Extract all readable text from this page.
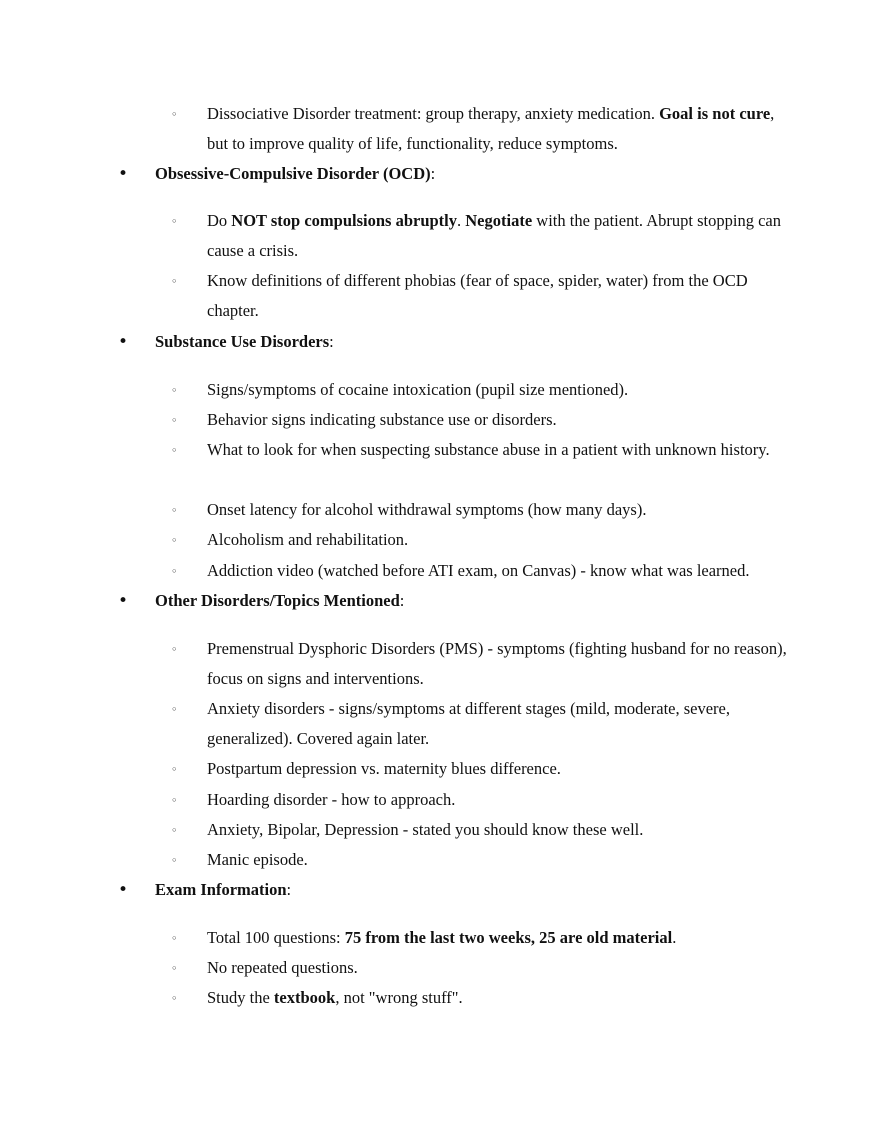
◦ Dissociative Disorder treatment: group therapy, anxiety medication. Goal is not cure, but to improve quality of life, functionality, reduce symptoms.

• Obsessive-Compulsive Disorder (OCD):

◦ Do NOT stop compulsions abruptly. Negotiate with the patient. Abrupt stopping can cause a crisis.

◦ Know definitions of different phobias (fear of space, spider, water) from the OCD chapter.

• Substance Use Disorders:

◦ Signs/symptoms of cocaine intoxication (pupil size mentioned).

◦ Behavior signs indicating substance use or disorders.

◦ What to look for when suspecting substance abuse in a patient with unknown history.

◦ Onset latency for alcohol withdrawal symptoms (how many days).

◦ Alcoholism and rehabilitation.

◦ Addiction video (watched before ATI exam, on Canvas) - know what was learned.

• Other Disorders/Topics Mentioned:

◦ Premenstrual Dysphoric Disorders (PMS) - symptoms (fighting husband for no reason), focus on signs and interventions.

◦ Anxiety disorders - signs/symptoms at different stages (mild, moderate, severe, generalized). Covered again later.

◦ Postpartum depression vs. maternity blues difference.

◦ Hoarding disorder - how to approach.

◦ Anxiety, Bipolar, Depression - stated you should know these well.

◦ Manic episode.

• Exam Information:

◦ Total 100 questions: 75 from the last two weeks, 25 are old material.

◦ No repeated questions.

◦ Study the textbook, not "wrong stuff".
